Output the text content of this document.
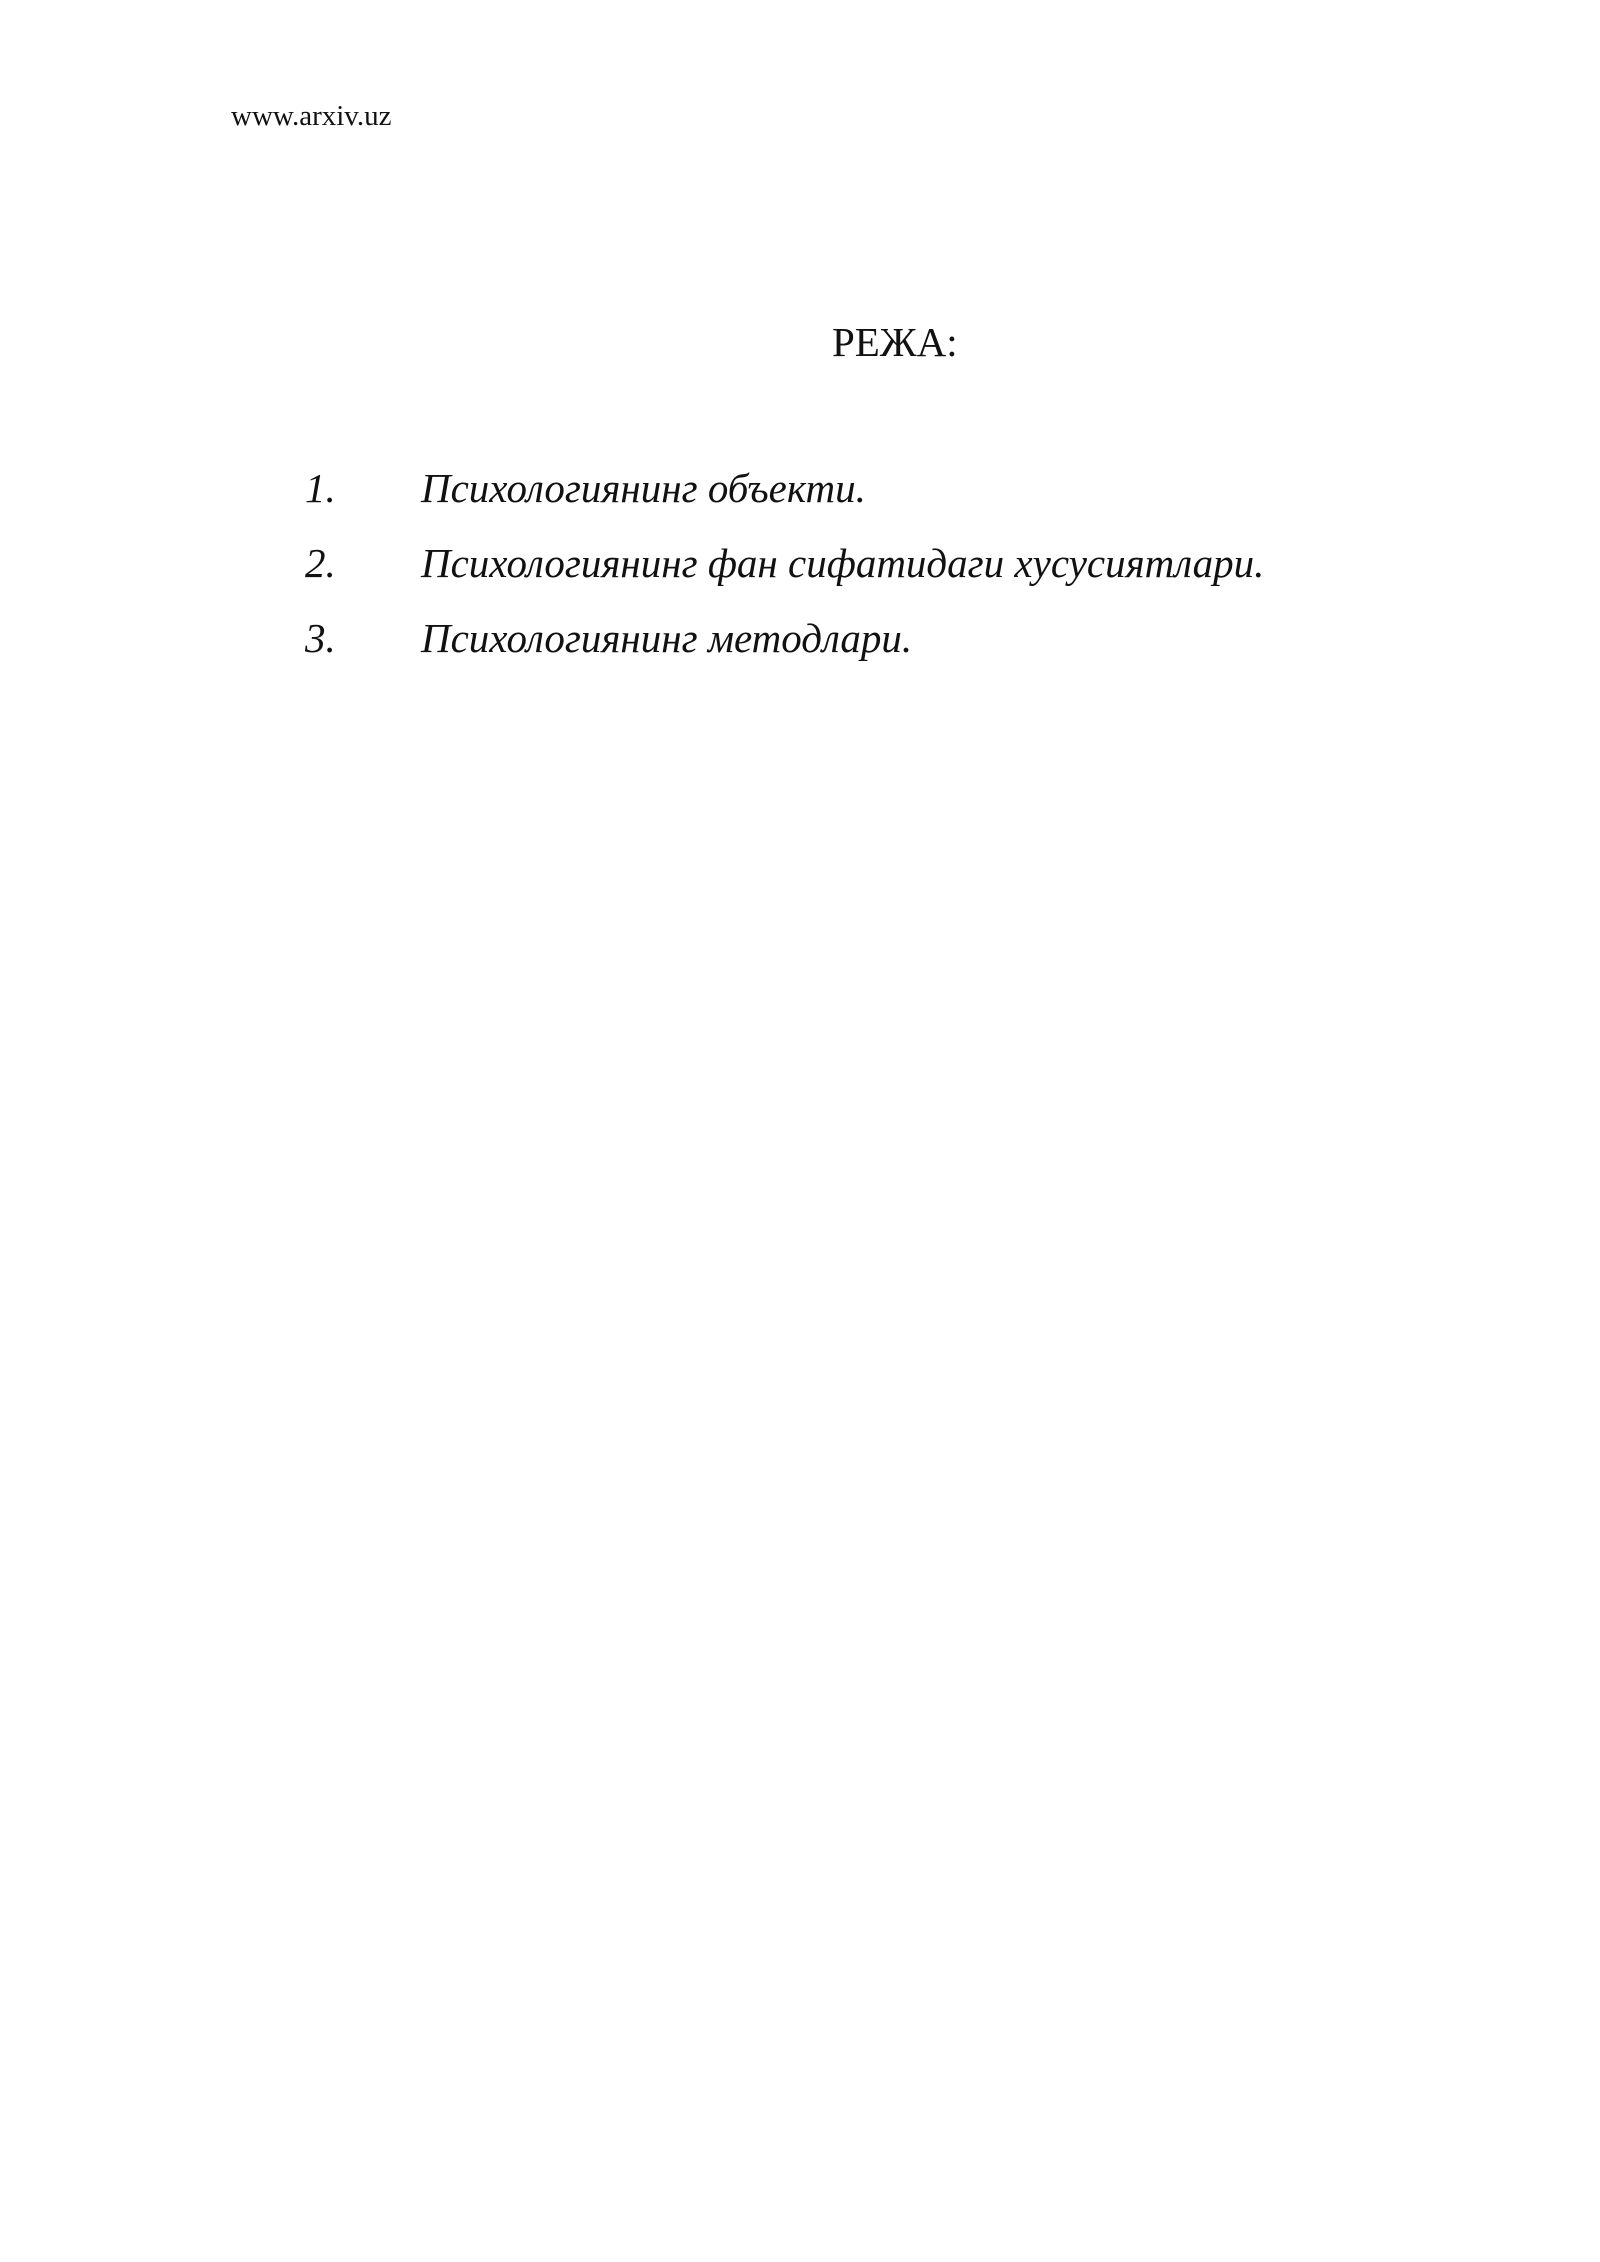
www.arxiv.uz
РЕЖА:
1.	Психологиянинг объекти.
2.	Психологиянинг фан сифатидаги хусусиятлари.
3.	Психологиянинг методлари.
